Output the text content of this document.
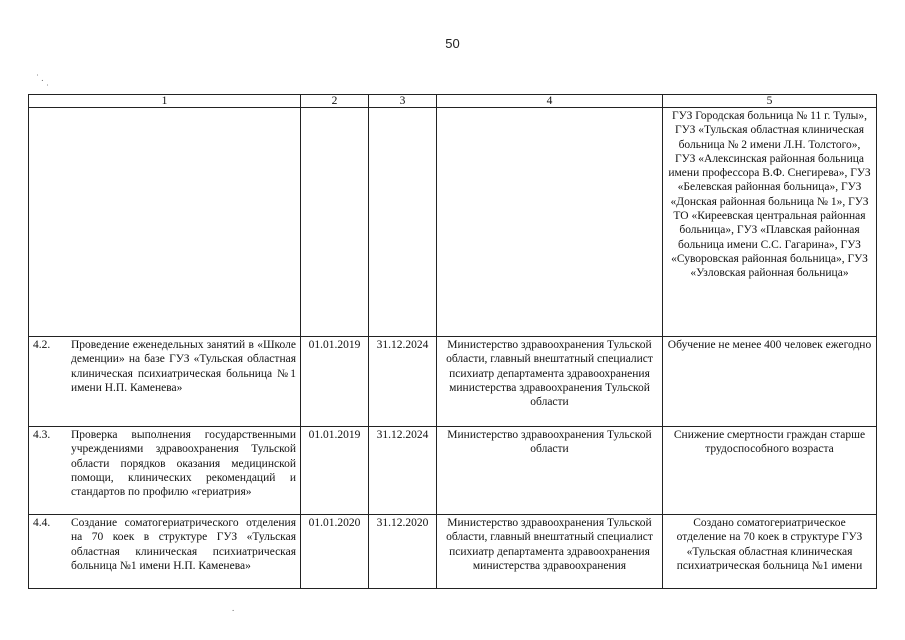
50
˙ .
˙
1	2	3	4	5
				ГУЗ Городская больница № 11 г. Тулы», ГУЗ «Тульская областная клиническая больница № 2 имени Л.Н. Толстого», ГУЗ «Алексинская районная больница имени профессора В.Ф. Снегирева», ГУЗ «Белевская районная больница», ГУЗ «Донская районная больница № 1», ГУЗ ТО «Киреевская центральная районная больница», ГУЗ «Плавская районная больница имени С.С. Гагарина», ГУЗ «Суворовская районная больница», ГУЗ «Узловская районная больница»

4.2. Проведение еженедельных занятий в «Школе деменции» на базе ГУЗ «Тульская областная клиническая психиатрическая больница №1 имени Н.П. Каменева»	01.01.2019	31.12.2024	Министерство здравоохранения Тульской области, главный внештатный специалист психиатр департамента здравоохранения министерства здравоохранения Тульской области	Обучение не менее 400 человек ежегодно

4.3. Проверка выполнения государственными учреждениями здравоохранения Тульской области порядков оказания медицинской помощи, клинических рекомендаций и стандартов по профилю «гериатрия»	01.01.2019	31.12.2024	Министерство здравоохранения Тульской области	Снижение смертности граждан старше трудоспособного возраста

4.4. Создание соматогериатрического отделения на 70 коек в структуре ГУЗ «Тульская областная клиническая психиатрическая больница №1 имени Н.П. Каменева»	01.01.2020	31.12.2020	Министерство здравоохранения Тульской области, главный внештатный специалист психиатр департамента здравоохранения министерства здравоохранения	Создано соматогериатрическое отделение на 70 коек в структуре ГУЗ «Тульская областная клиническая психиатрическая больница №1 имени
.
